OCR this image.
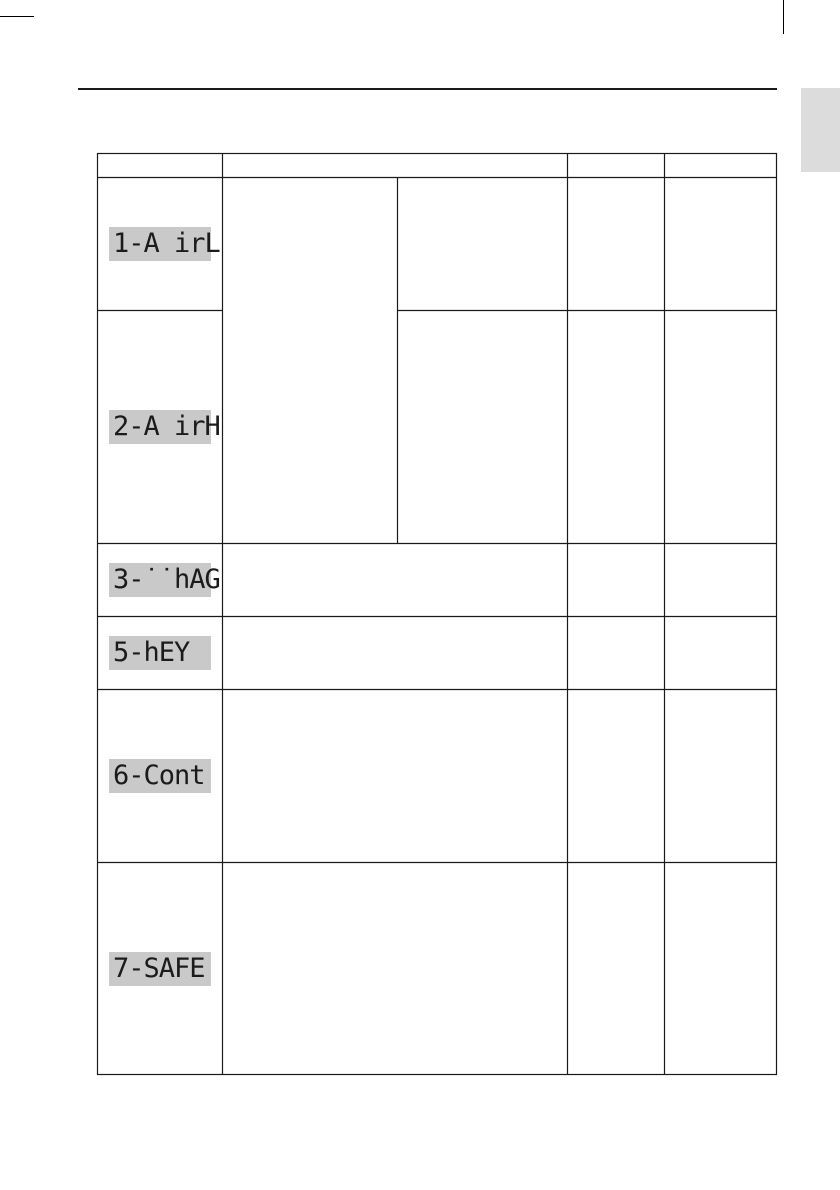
1-A irL
2-A irH
3-˙˙hAG
5-hEY
6-Cont
7-SAFE
